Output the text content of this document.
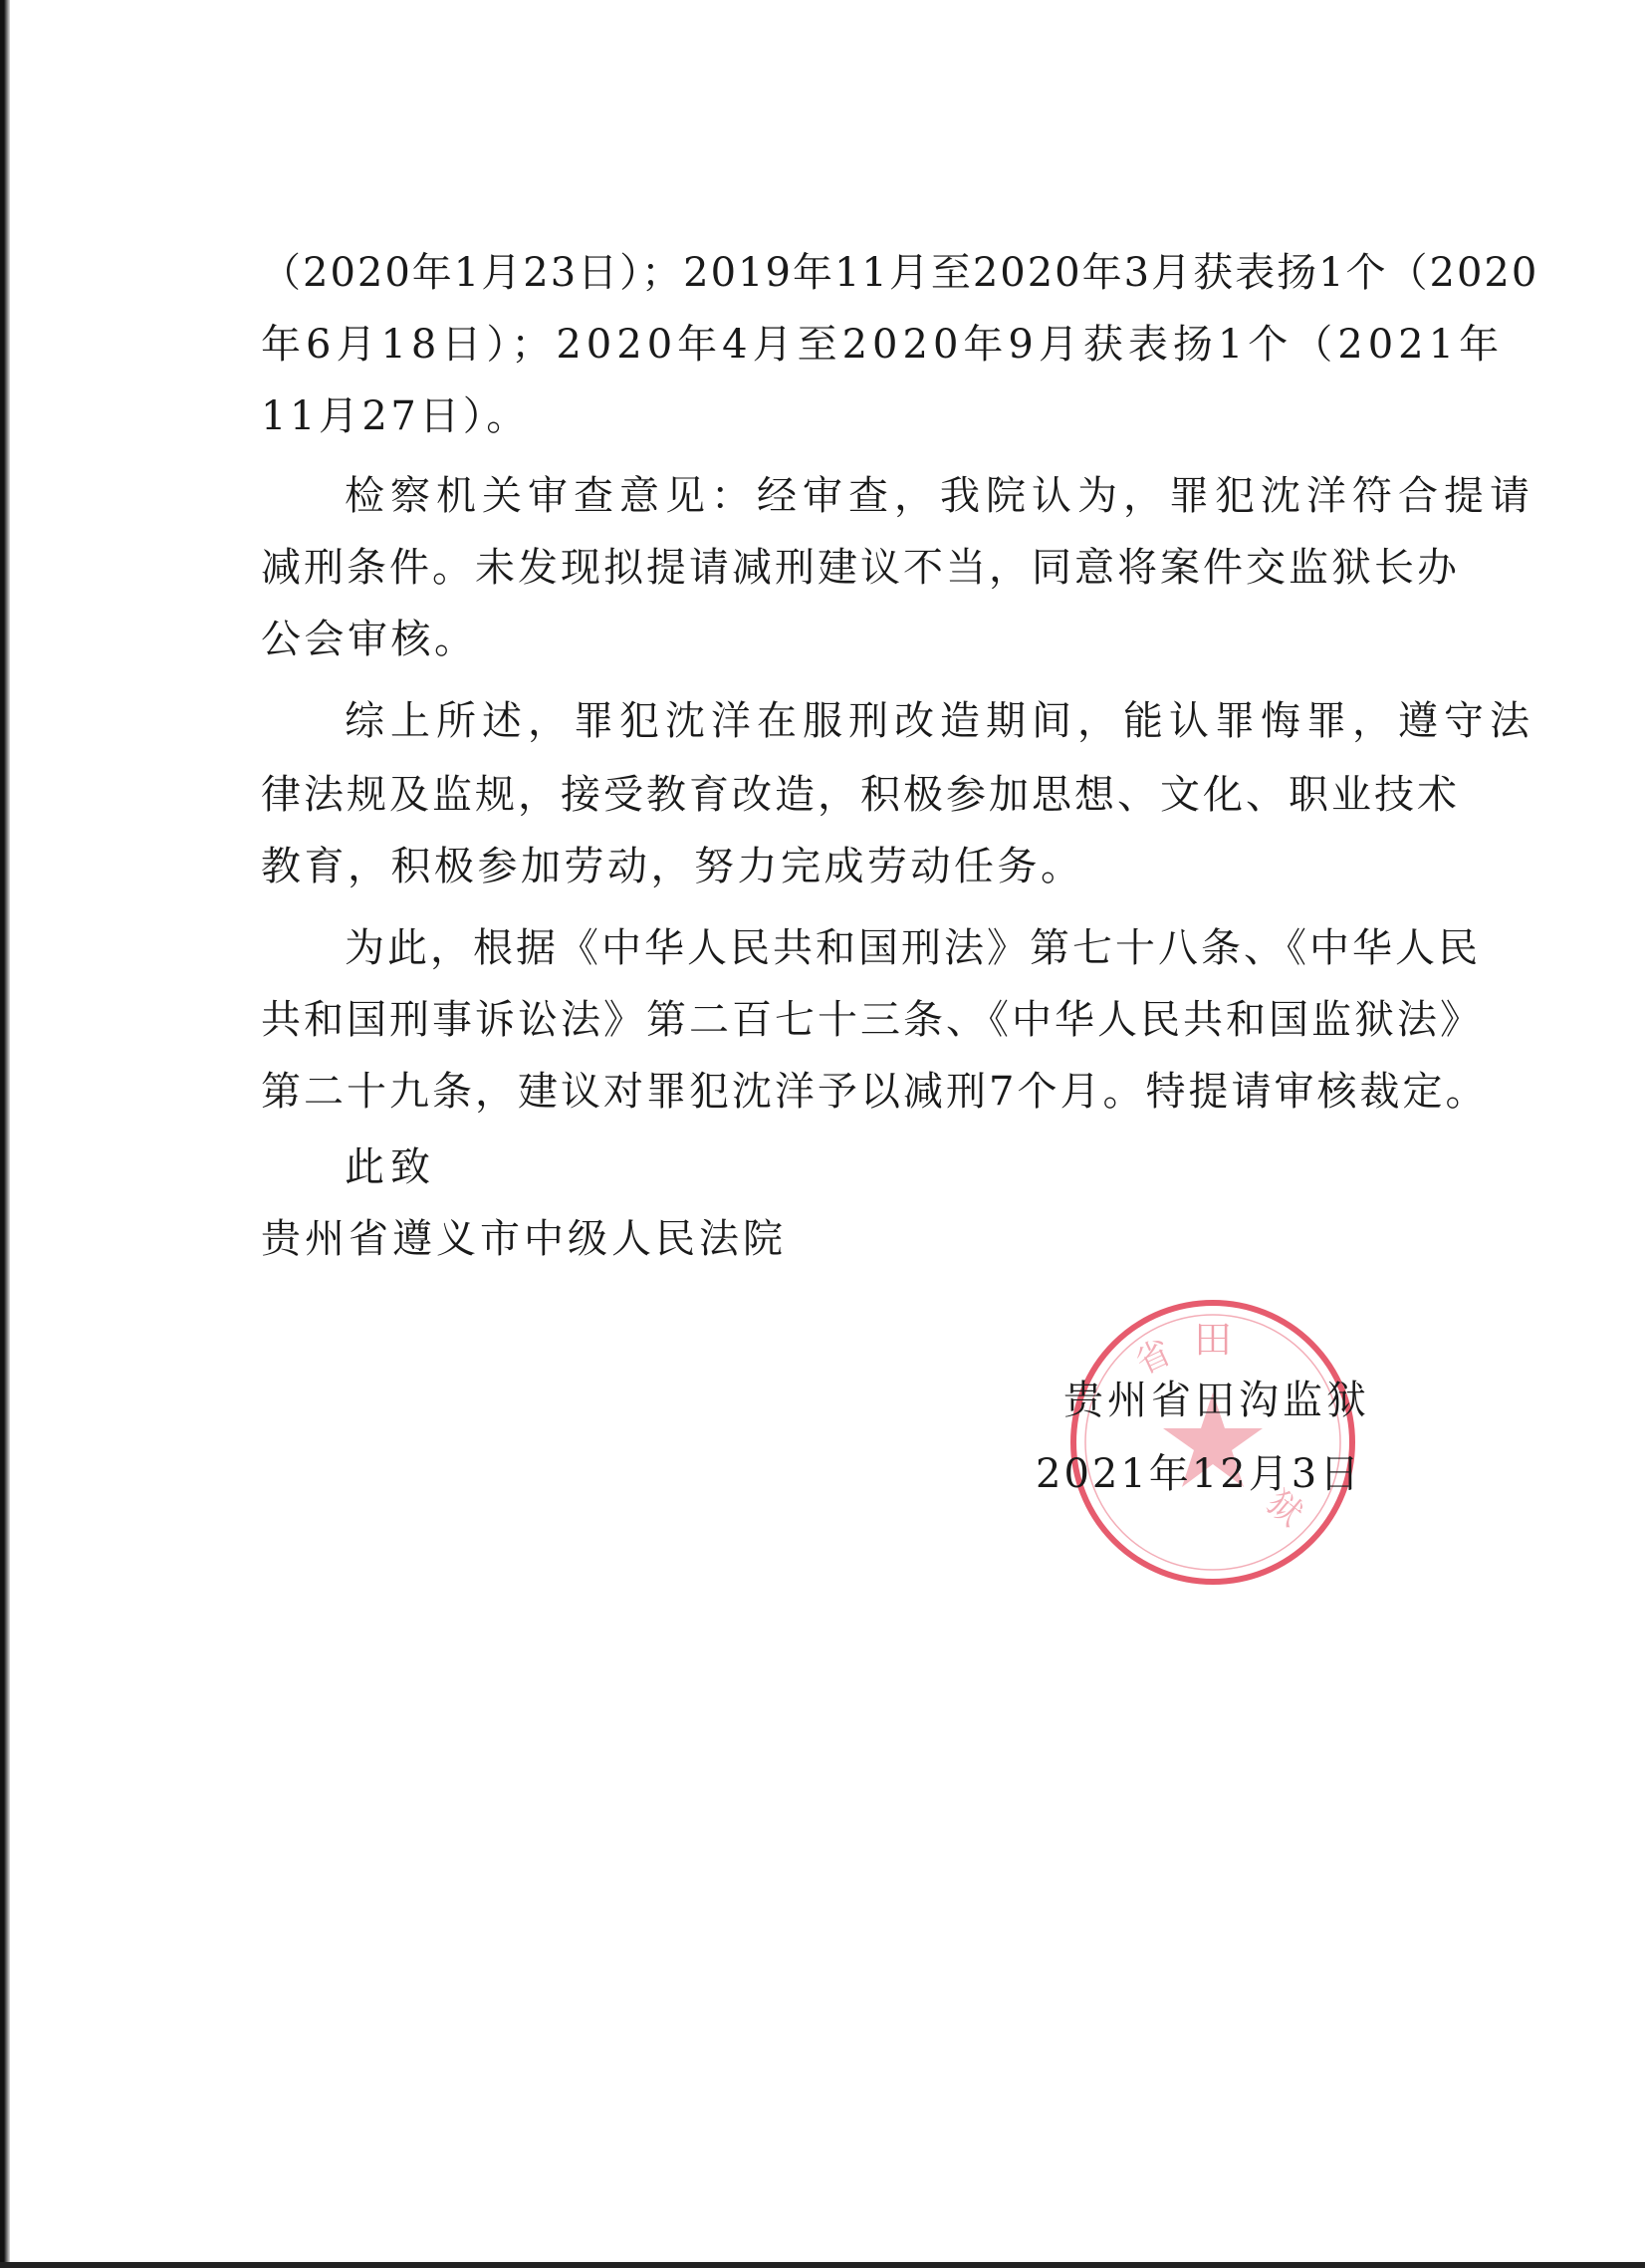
田
省
狱
（2020年1月23日）；2019年11月至2020年3月获表扬1个（2020
年6月18日）；2020年4月至2020年9月获表扬1个（2021年
11月27日）。
检察机关审查意见：经审查，我院认为，罪犯沈洋符合提请
减刑条件。未发现拟提请减刑建议不当，同意将案件交监狱长办
公会审核。
综上所述，罪犯沈洋在服刑改造期间，能认罪悔罪，遵守法
律法规及监规，接受教育改造，积极参加思想、文化、职业技术
教育，积极参加劳动，努力完成劳动任务。
为此，根据《中华人民共和国刑法》第七十八条、《中华人民
共和国刑事诉讼法》第二百七十三条、《中华人民共和国监狱法》
第二十九条，建议对罪犯沈洋予以减刑7个月。特提请审核裁定。
此致
贵州省遵义市中级人民法院
贵州省田沟监狱
2021年12月3日
